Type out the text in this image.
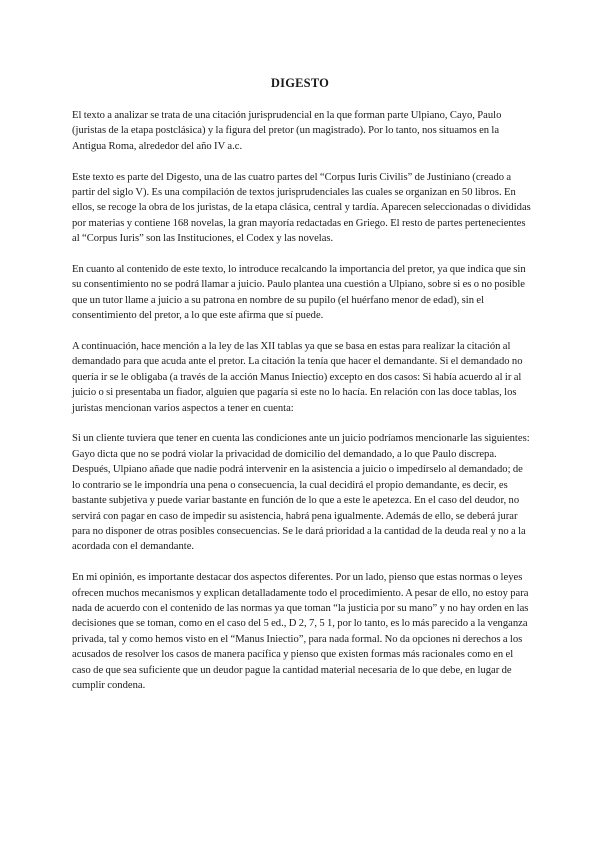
DIGESTO

El texto a analizar se trata de una citación jurisprudencial en la que forman parte Ulpiano, Cayo, Paulo (juristas de la etapa postclásica) y la figura del pretor (un magistrado). Por lo tanto, nos situamos en la Antigua Roma, alrededor del año IV a.c.

Este texto es parte del Digesto, una de las cuatro partes del “Corpus Iuris Civilis” de Justiniano (creado a partir del siglo V). Es una compilación de textos jurisprudenciales las cuales se organizan en 50 libros. En ellos, se recoge la obra de los juristas, de la etapa clásica, central y tardía. Aparecen seleccionadas o divididas por materias y contiene 168 novelas, la gran mayoría redactadas en Griego. El resto de partes pertenecientes al “Corpus Iuris” son las Instituciones, el Codex y las novelas.

En cuanto al contenido de este texto, lo introduce recalcando la importancia del pretor, ya que indica que sin su consentimiento no se podrá llamar a juicio. Paulo plantea una cuestión a Ulpiano, sobre si es o no posible que un tutor llame a juicio a su patrona en nombre de su pupilo (el huérfano menor de edad), sin el consentimiento del pretor, a lo que este afirma que sí puede.

A continuación, hace mención a la ley de las XII tablas ya que se basa en estas para realizar la citación al demandado para que acuda ante el pretor. La citación la tenía que hacer el demandante. Si el demandado no quería ir se le obligaba (a través de la acción Manus Iniectio) excepto en dos casos: Si había acuerdo al ir al juicio o si presentaba un fiador, alguien que pagaría si este no lo hacía. En relación con las doce tablas, los juristas mencionan varios aspectos a tener en cuenta:

Si un cliente tuviera que tener en cuenta las condiciones ante un juicio podríamos mencionarle las siguientes: Gayo dicta que no se podrá violar la privacidad de domicilio del demandado, a lo que Paulo discrepa. Después, Ulpiano añade que nadie podrá intervenir en la asistencia a juicio o impedírselo al demandado; de lo contrario se le impondría una pena o consecuencia, la cual decidirá el propio demandante, es decir, es bastante subjetiva y puede variar bastante en función de lo que a este le apetezca. En el caso del deudor, no servirá con pagar en caso de impedir su asistencia, habrá pena igualmente. Además de ello, se deberá jurar para no disponer de otras posibles consecuencias. Se le dará prioridad a la cantidad de la deuda real y no a la acordada con el demandante.

En mi opinión, es importante destacar dos aspectos diferentes. Por un lado, pienso que estas normas o leyes ofrecen muchos mecanismos y explican detalladamente todo el procedimiento. A pesar de ello, no estoy para nada de acuerdo con el contenido de las normas ya que toman “la justicia por su mano” y no hay orden en las decisiones que se toman, como en el caso del 5 ed., D 2, 7, 5 1, por lo tanto, es lo más parecido a la venganza privada, tal y como hemos visto en el “Manus Iniectio”, para nada formal. No da opciones ni derechos a los acusados de resolver los casos de manera pacífica y pienso que existen formas más racionales como en el caso de que sea suficiente que un deudor pague la cantidad material necesaria de lo que debe, en lugar de cumplir condena.
